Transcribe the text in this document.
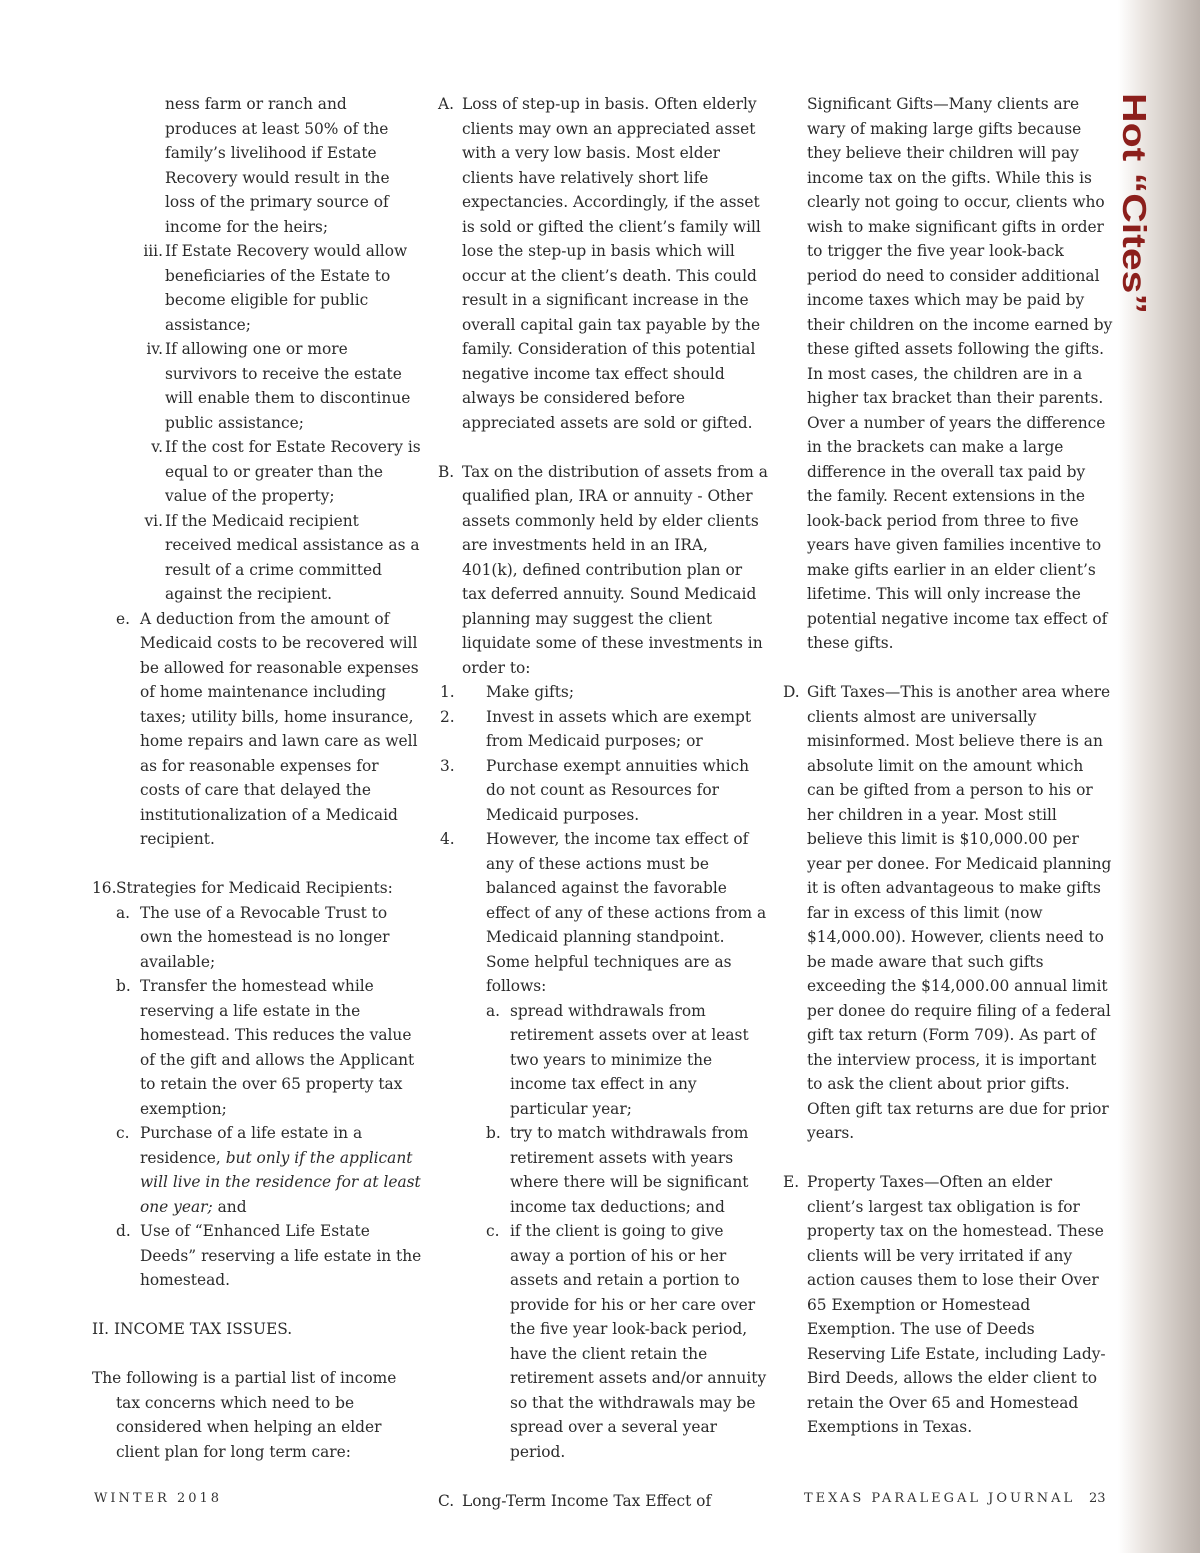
Hot “Cites”

ness farm or ranch and produces at least 50% of the family’s livelihood if Estate Recovery would result in the loss of the primary source of income for the heirs;

iii. If Estate Recovery would allow beneficiaries of the Estate to become eligible for public assistance;
iv. If allowing one or more survivors to receive the estate will enable them to discontinue public assistance;
v. If the cost for Estate Recovery is equal to or greater than the value of the property;
vi. If the Medicaid recipient received medical assistance as a result of a crime committed against the recipient.
e. A deduction from the amount of Medicaid costs to be recovered will be allowed for reasonable expenses of home maintenance including taxes; utility bills, home insurance, home repairs and lawn care as well as for reasonable expenses for costs of care that delayed the institutionalization of a Medicaid recipient.
16. Strategies for Medicaid Recipients:
a. The use of a Revocable Trust to own the homestead is no longer available;
b. Transfer the homestead while reserving a life estate in the homestead. This reduces the value of the gift and allows the Applicant to retain the over 65 property tax exemption;
c. Purchase of a life estate in a residence, but only if the applicant will live in the residence for at least one year; and
d. Use of “Enhanced Life Estate Deeds” reserving a life estate in the homestead.

II. INCOME TAX ISSUES.

The following is a partial list of income tax concerns which need to be considered when helping an elder client plan for long term care:

A. Loss of step-up in basis. Often elderly clients may own an appreciated asset with a very low basis. Most elder clients have relatively short life expectancies. Accordingly, if the asset is sold or gifted the client’s family will lose the step-up in basis which will occur at the client’s death. This could result in a significant increase in the overall capital gain tax payable by the family. Consideration of this potential negative income tax effect should always be considered before appreciated assets are sold or gifted.
B. Tax on the distribution of assets from a qualified plan, IRA or annuity - Other assets commonly held by elder clients are investments held in an IRA, 401(k), defined contribution plan or tax deferred annuity. Sound Medicaid planning may suggest the client liquidate some of these investments in order to:
1. Make gifts;
2. Invest in assets which are exempt from Medicaid purposes; or
3. Purchase exempt annuities which do not count as Resources for Medicaid purposes.
4. However, the income tax effect of any of these actions must be balanced against the favorable effect of any of these actions from a Medicaid planning standpoint. Some helpful techniques are as follows:
a. spread withdrawals from retirement assets over at least two years to minimize the income tax effect in any particular year;
b. try to match withdrawals from retirement assets with years where there will be significant income tax deductions; and
c. if the client is going to give away a portion of his or her assets and retain a portion to provide for his or her care over the five year look-back period, have the client retain the retirement assets and/or annuity so that the withdrawals may be spread over a several year period.
C. Long-Term Income Tax Effect of

Significant Gifts—Many clients are wary of making large gifts because they believe their children will pay income tax on the gifts. While this is clearly not going to occur, clients who wish to make significant gifts in order to trigger the five year look-back period do need to consider additional income taxes which may be paid by their children on the income earned by these gifted assets following the gifts. In most cases, the children are in a higher tax bracket than their parents. Over a number of years the difference in the brackets can make a large difference in the overall tax paid by the family. Recent extensions in the look-back period from three to five years have given families incentive to make gifts earlier in an elder client’s lifetime. This will only increase the potential negative income tax effect of these gifts.

D. Gift Taxes—This is another area where clients almost are universally misinformed. Most believe there is an absolute limit on the amount which can be gifted from a person to his or her children in a year. Most still believe this limit is $10,000.00 per year per donee. For Medicaid planning it is often advantageous to make gifts far in excess of this limit (now $14,000.00). However, clients need to be made aware that such gifts exceeding the $14,000.00 annual limit per donee do require filing of a federal gift tax return (Form 709). As part of the interview process, it is important to ask the client about prior gifts. Often gift tax returns are due for prior years.
E. Property Taxes—Often an elder client’s largest tax obligation is for property tax on the homestead. These clients will be very irritated if any action causes them to lose their Over 65 Exemption or Homestead Exemption. The use of Deeds Reserving Life Estate, including Lady-Bird Deeds, allows the elder client to retain the Over 65 and Homestead Exemptions in Texas.
WINTER 2018	TEXAS PARALEGAL JOURNAL 23
